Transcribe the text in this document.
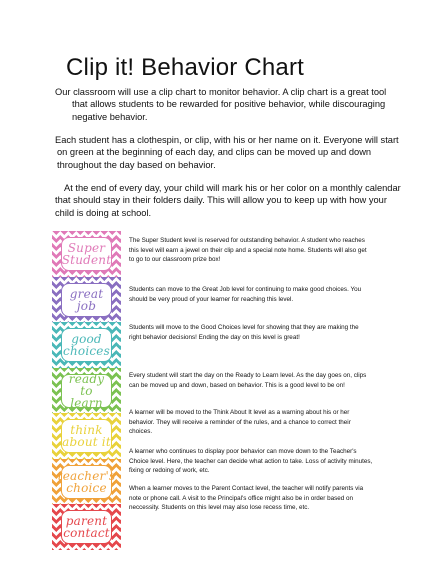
Clip it! Behavior Chart
Our classroom will use a clip chart to monitor behavior. A clip chart is a great tool
that allows students to be rewarded for positive behavior, while discouraging
negative behavior.
Each student has a clothespin, or clip, with his or her name on it. Everyone will start
on green at the beginning of each day, and clips can be moved up and down
throughout the day based on behavior.
At the end of every day, your child will mark his or her color on a monthly calendar
that should stay in their folders daily. This will allow you to keep up with how your
child is doing at school.
Super
Student
great
job
good
choices
ready
to learn
think
about it
teacher's
choice
parent
contact
The Super Student level is reserved for outstanding behavior. A student who reaches
this level will earn a jewel on their clip and a special note home. Students will also get
to go to our classroom prize box!
Students can move to the Great Job level for continuing to make good choices. You
should be very proud of your learner for reaching this level.
Students will move to the Good Choices level for showing that they are making the
right behavior decisions! Ending the day on this level is great!
Every student will start the day on the Ready to Learn level. As the day goes on, clips
can be moved up and down, based on behavior. This is a good level to be on!
A learner will be moved to the Think About It level as a warning about his or her
behavior. They will receive a reminder of the rules, and a chance to correct their
choices.
A learner who continues to display poor behavior can move down to the Teacher's
Choice level. Here, the teacher can decide what action to take. Loss of activity minutes,
fixing or redoing of work, etc.
When a learner moves to the Parent Contact level, the teacher will notify parents via
note or phone call. A visit to the Principal's office might also be in order based on
neccessity. Students on this level may also lose recess time, etc.
